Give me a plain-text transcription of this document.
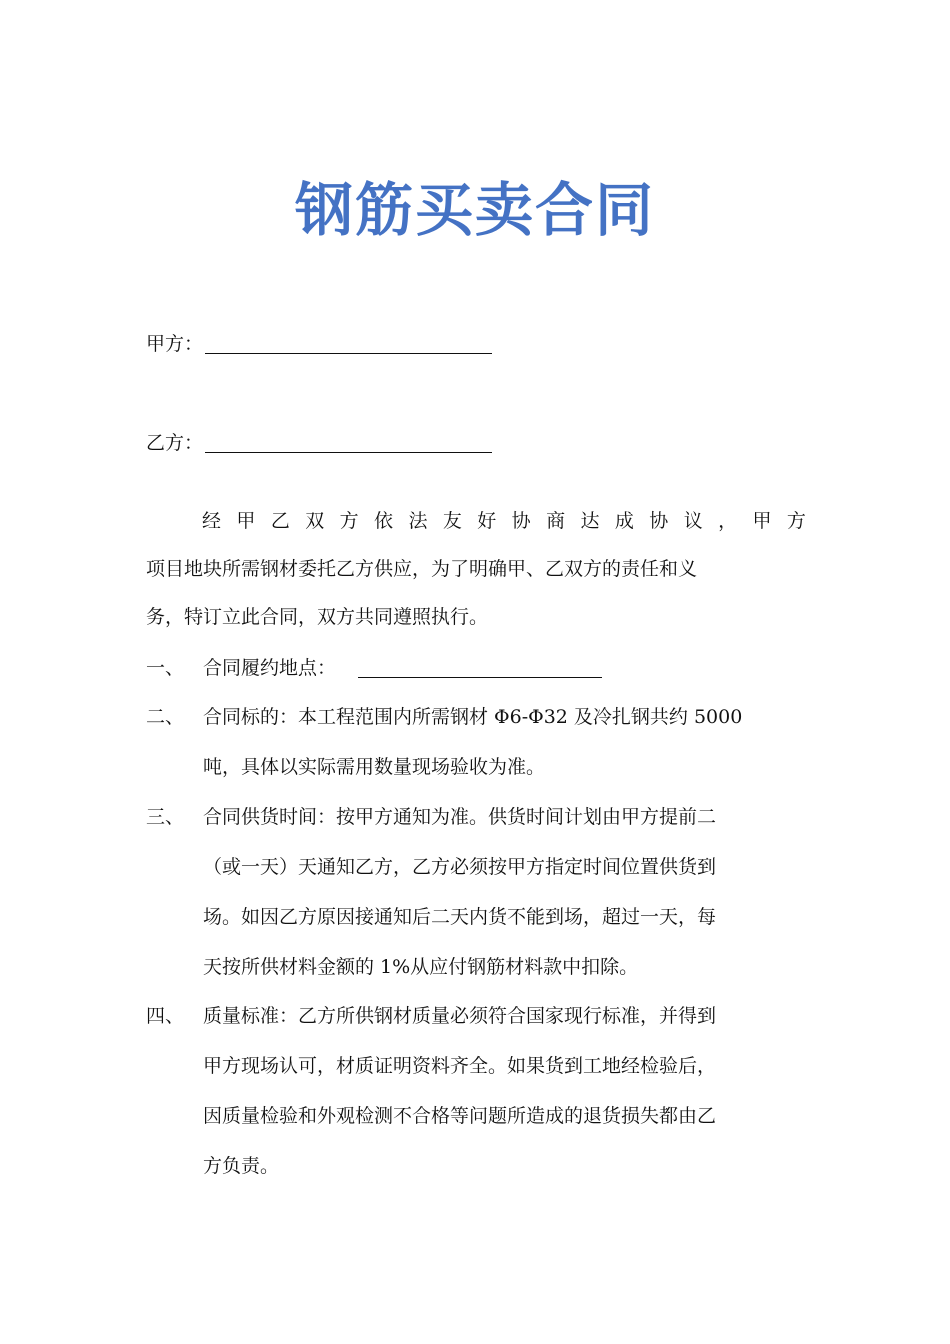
钢筋买卖合同
甲方：
乙方：
经 甲 乙 双 方 依 法 友 好 协 商 达 成 协 议 ， 甲 方
项目地块所需钢材委托乙方供应，为了明确甲、乙双方的责任和义
务，特订立此合同，双方共同遵照执行。
一、 合同履约地点：
二、 合同标的：本工程范围内所需钢材 Φ6-Φ32 及冷扎钢共约 5000
吨，具体以实际需用数量现场验收为准。
三、 合同供货时间：按甲方通知为准。供货时间计划由甲方提前二
（或一天）天通知乙方，乙方必须按甲方指定时间位置供货到
场。如因乙方原因接通知后二天内货不能到场，超过一天，每
天按所供材料金额的 1%从应付钢筋材料款中扣除。
四、 质量标准：乙方所供钢材质量必须符合国家现行标准，并得到
甲方现场认可，材质证明资料齐全。如果货到工地经检验后，
因质量检验和外观检测不合格等问题所造成的退货损失都由乙
方负责。
